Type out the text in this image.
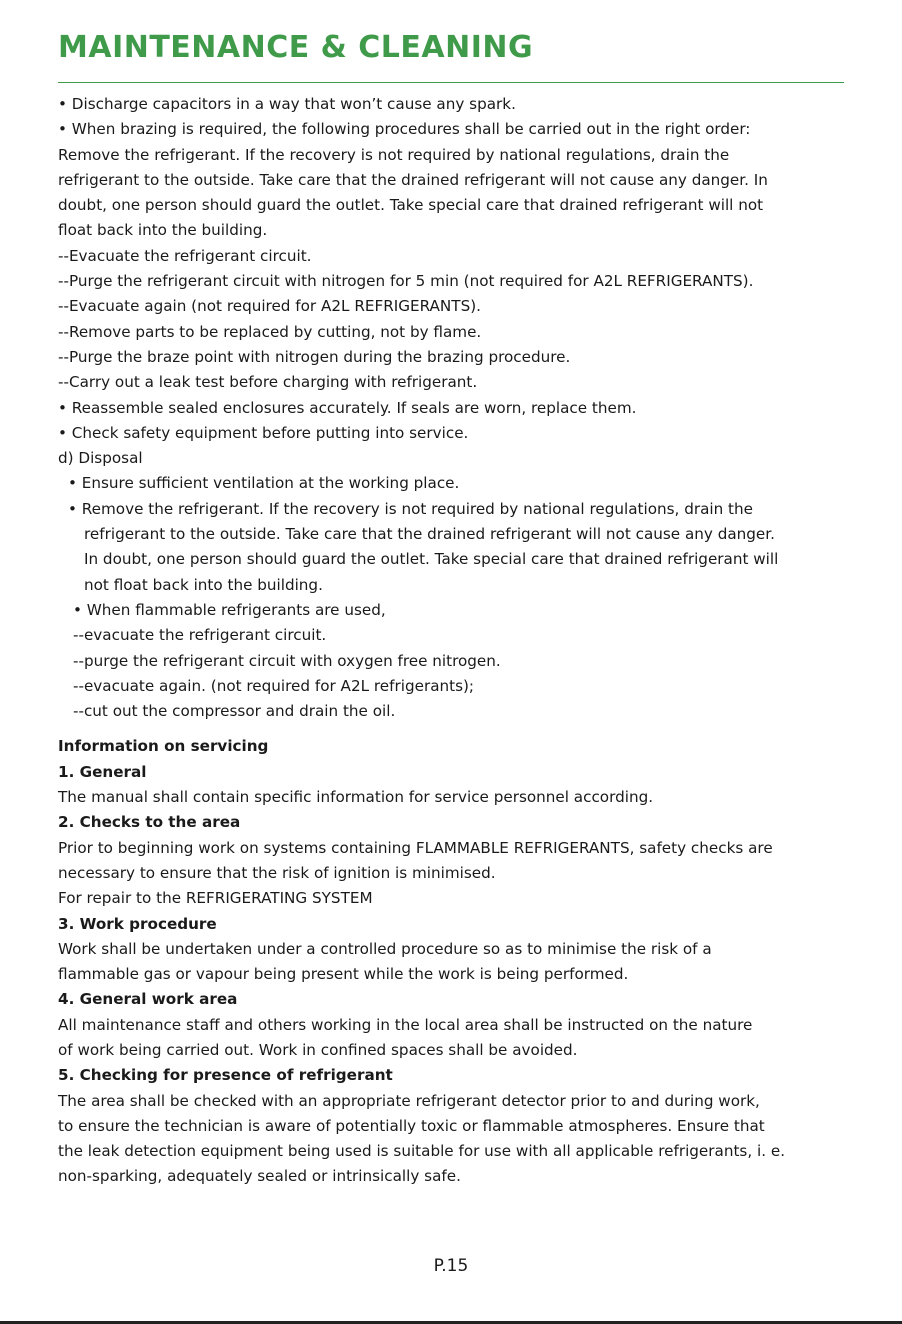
MAINTENANCE & CLEANING
• Discharge capacitors in a way that won’t cause any spark.
• When brazing is required, the following procedures shall be carried out in the right order:
Remove the refrigerant. If the recovery is not required by national regulations, drain the
refrigerant to the outside. Take care that the drained refrigerant will not cause any danger. In
doubt, one person should guard the outlet. Take special care that drained refrigerant will not
float back into the building.
--Evacuate the refrigerant circuit.
--Purge the refrigerant circuit with nitrogen for 5 min (not required for A2L REFRIGERANTS).
--Evacuate again (not required for A2L REFRIGERANTS).
--Remove parts to be replaced by cutting, not by flame.
--Purge the braze point with nitrogen during the brazing procedure.
--Carry out a leak test before charging with refrigerant.
• Reassemble sealed enclosures accurately. If seals are worn, replace them.
• Check safety equipment before putting into service.
d) Disposal
• Ensure sufficient ventilation at the working place.
• Remove the refrigerant. If the recovery is not required by national regulations, drain the
refrigerant to the outside. Take care that the drained refrigerant will not cause any danger.
In doubt, one person should guard the outlet. Take special care that drained refrigerant will
not float back into the building.
• When flammable refrigerants are used,
--evacuate the refrigerant circuit.
--purge the refrigerant circuit with oxygen free nitrogen.
--evacuate again. (not required for A2L refrigerants);
--cut out the compressor and drain the oil.
Information on servicing
1. General
The manual shall contain specific information for service personnel according.
2. Checks to the area
Prior to beginning work on systems containing FLAMMABLE REFRIGERANTS, safety checks are
necessary to ensure that the risk of ignition is minimised.
For repair to the REFRIGERATING SYSTEM
3. Work procedure
Work shall be undertaken under a controlled procedure so as to minimise the risk of a
flammable gas or vapour being present while the work is being performed.
4. General work area
All maintenance staff and others working in the local area shall be instructed on the nature
of work being carried out. Work in confined spaces shall be avoided.
5. Checking for presence of refrigerant
The area shall be checked with an appropriate refrigerant detector prior to and during work,
to ensure the technician is aware of potentially toxic or flammable atmospheres. Ensure that
the leak detection equipment being used is suitable for use with all applicable refrigerants, i. e.
non-sparking, adequately sealed or intrinsically safe.
P.15
